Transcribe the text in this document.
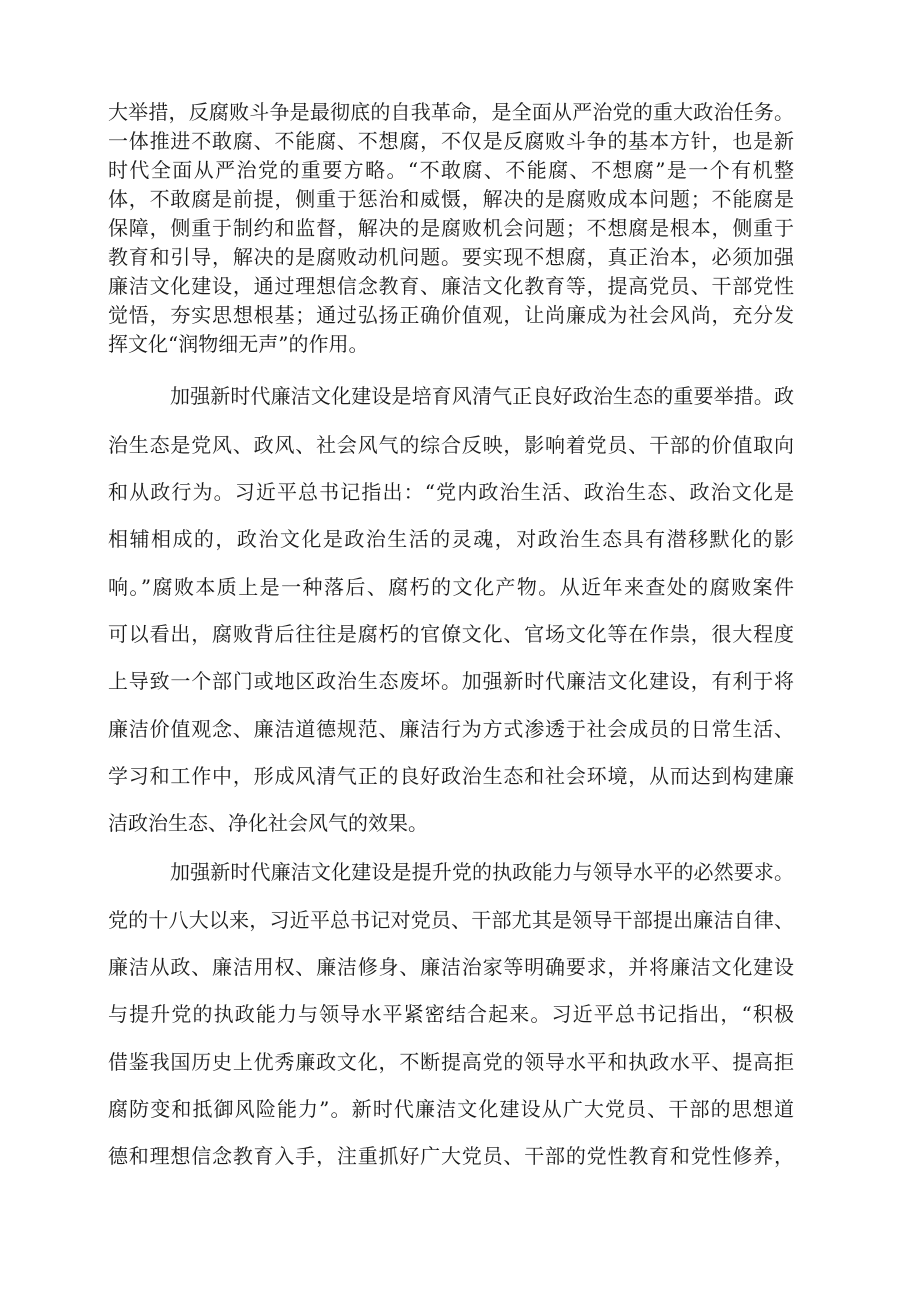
大举措，反腐败斗争是最彻底的自我革命，是全面从严治党的重大政治任务。

一体推进不敢腐、不能腐、不想腐，不仅是反腐败斗争的基本方针，也是新

时代全面从严治党的重要方略。“不敢腐、不能腐、不想腐”是一个有机整

体，不敢腐是前提，侧重于惩治和威慑，解决的是腐败成本问题；不能腐是

保障，侧重于制约和监督，解决的是腐败机会问题；不想腐是根本，侧重于

教育和引导，解决的是腐败动机问题。要实现不想腐，真正治本，必须加强

廉洁文化建设，通过理想信念教育、廉洁文化教育等，提高党员、干部党性

觉悟，夯实思想根基；通过弘扬正确价值观，让尚廉成为社会风尚，充分发

挥文化“润物细无声”的作用。

加强新时代廉洁文化建设是培育风清气正良好政治生态的重要举措。政

治生态是党风、政风、社会风气的综合反映，影响着党员、干部的价值取向

和从政行为。习近平总书记指出：“党内政治生活、政治生态、政治文化是

相辅相成的，政治文化是政治生活的灵魂，对政治生态具有潜移默化的影

响。”腐败本质上是一种落后、腐朽的文化产物。从近年来查处的腐败案件

可以看出，腐败背后往往是腐朽的官僚文化、官场文化等在作祟，很大程度

上导致一个部门或地区政治生态废坏。加强新时代廉洁文化建设，有利于将

廉洁价值观念、廉洁道德规范、廉洁行为方式渗透于社会成员的日常生活、

学习和工作中，形成风清气正的良好政治生态和社会环境，从而达到构建廉

洁政治生态、净化社会风气的效果。

加强新时代廉洁文化建设是提升党的执政能力与领导水平的必然要求。

党的十八大以来，习近平总书记对党员、干部尤其是领导干部提出廉洁自律、

廉洁从政、廉洁用权、廉洁修身、廉洁治家等明确要求，并将廉洁文化建设

与提升党的执政能力与领导水平紧密结合起来。习近平总书记指出，“积极

借鉴我国历史上优秀廉政文化，不断提高党的领导水平和执政水平、提高拒

腐防变和抵御风险能力”。新时代廉洁文化建设从广大党员、干部的思想道

德和理想信念教育入手，注重抓好广大党员、干部的党性教育和党性修养，
